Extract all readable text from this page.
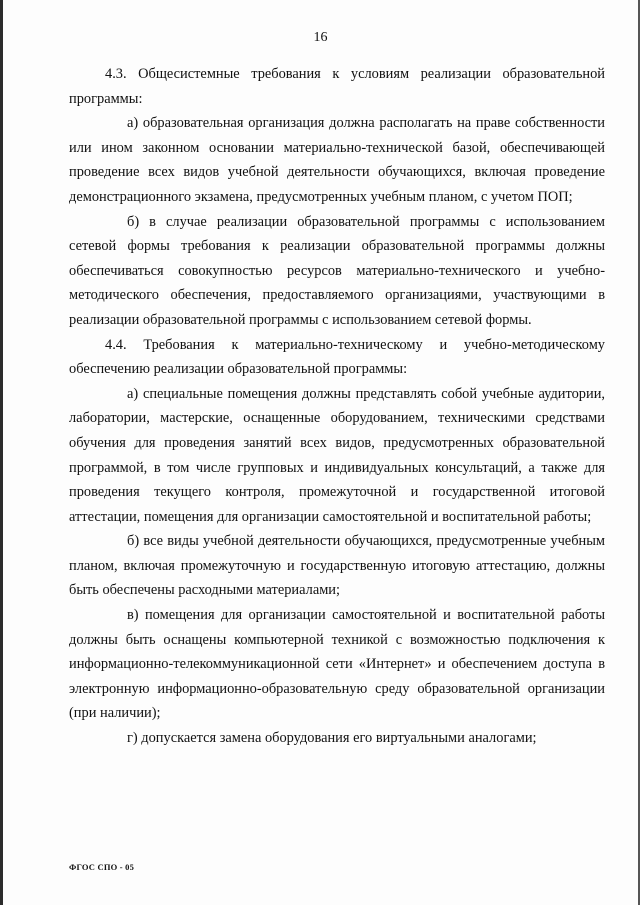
16

4.3. Общесистемные требования к условиям реализации образовательной программы:

а) образовательная организация должна располагать на праве собственности или ином законном основании материально-технической базой, обеспечивающей проведение всех видов учебной деятельности обучающихся, включая проведение демонстрационного экзамена, предусмотренных учебным планом, с учетом ПОП;

б) в случае реализации образовательной программы с использованием сетевой формы требования к реализации образовательной программы должны обеспечиваться совокупностью ресурсов материально-технического и учебно-методического обеспечения, предоставляемого организациями, участвующими в реализации образовательной программы с использованием сетевой формы.

4.4. Требования к материально-техническому и учебно-методическому обеспечению реализации образовательной программы:

а) специальные помещения должны представлять собой учебные аудитории, лаборатории, мастерские, оснащенные оборудованием, техническими средствами обучения для проведения занятий всех видов, предусмотренных образовательной программой, в том числе групповых и индивидуальных консультаций, а также для проведения текущего контроля, промежуточной и государственной итоговой аттестации, помещения для организации самостоятельной и воспитательной работы;

б) все виды учебной деятельности обучающихся, предусмотренные учебным планом, включая промежуточную и государственную итоговую аттестацию, должны быть обеспечены расходными материалами;

в) помещения для организации самостоятельной и воспитательной работы должны быть оснащены компьютерной техникой с возможностью подключения к информационно-телекоммуникационной сети «Интернет» и обеспечением доступа в электронную информационно-образовательную среду образовательной организации (при наличии);

г) допускается замена оборудования его виртуальными аналогами;

ФГОС СПО - 05
